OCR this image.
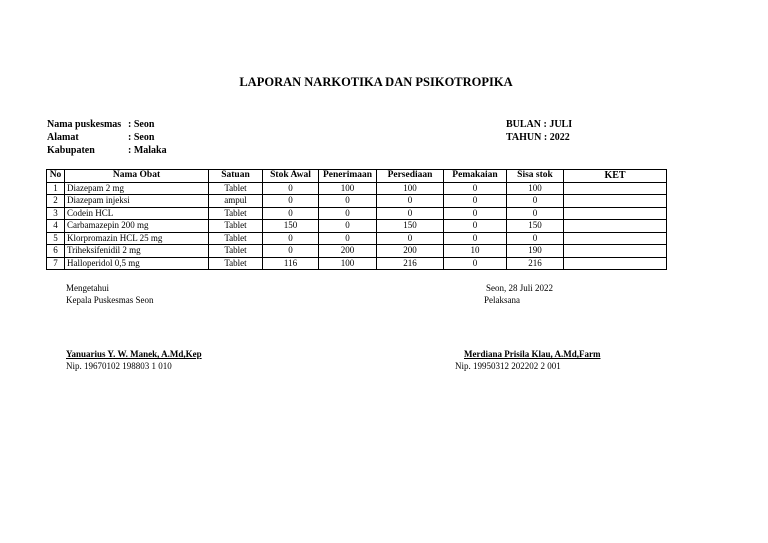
LAPORAN NARKOTIKA DAN PSIKOTROPIKA
Nama puskesmas : Seon
Alamat	: Seon
Kabupaten	: Malaka
BULAN : JULI
TAHUN : 2022
No	Nama Obat	Satuan	Stok Awal	Penerimaan	Persediaan	Pemakaian	Sisa stok	KET
1	Diazepam 2 mg	Tablet	0	100	100	0	100	
2	Diazepam injeksi	ampul	0	0	0	0	0	
3	Codein HCL	Tablet	0	0	0	0	0	
4	Carbamazepin 200 mg	Tablet	150	0	150	0	150	
5	Klorpromazin HCL 25 mg	Tablet	0	0	0	0	0	
6	Triheksifenidil 2 mg	Tablet	0	200	200	10	190	
7	Halloperidol 0,5 mg	Tablet	116	100	216	0	216	
Mengetahui
Kepala Puskesmas Seon
Yanuarius Y. W. Manek, A.Md,Kep
Nip. 19670102 198803 1 010
Seon, 28 Juli 2022
Pelaksana
Merdiana Prisila Klau, A.Md,Farm
Nip. 19950312 202202 2 001
